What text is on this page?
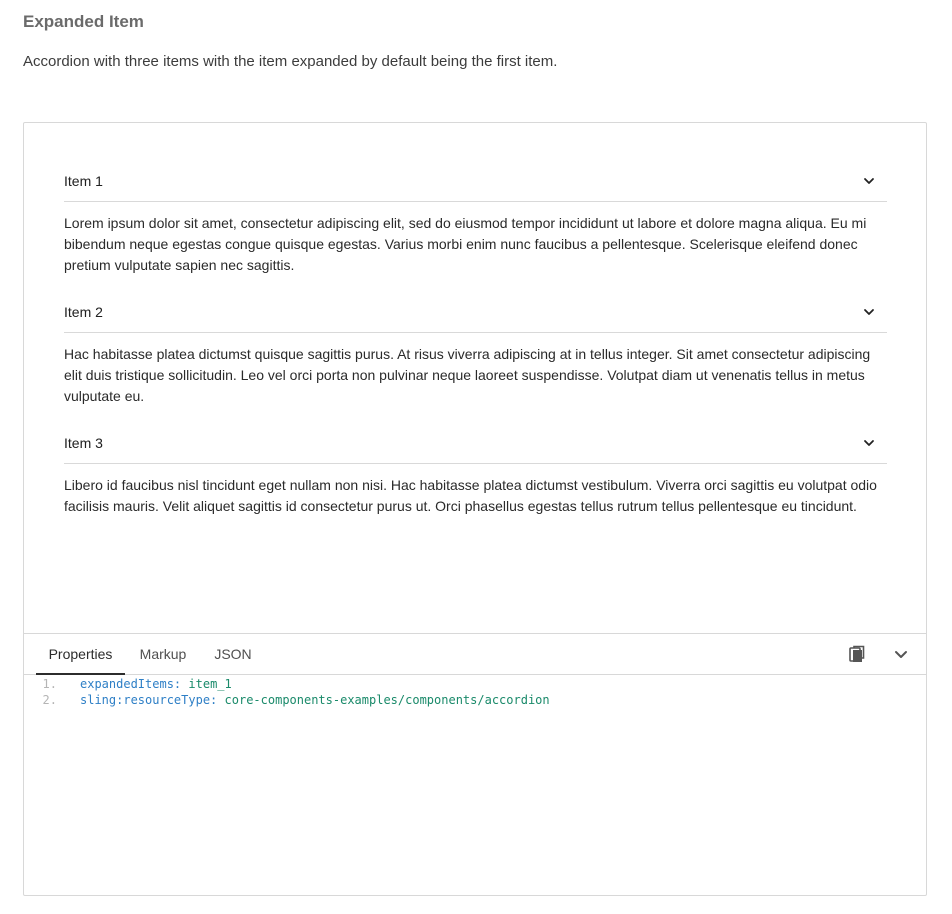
Expanded Item

Accordion with three items with the item expanded by default being the first item.

Item 1
Lorem ipsum dolor sit amet, consectetur adipiscing elit, sed do eiusmod tempor incididunt ut labore et dolore magna aliqua. Eu mi bibendum neque egestas congue quisque egestas. Varius morbi enim nunc faucibus a pellentesque. Scelerisque eleifend donec pretium vulputate sapien nec sagittis.
Item 2
Hac habitasse platea dictumst quisque sagittis purus. At risus viverra adipiscing at in tellus integer. Sit amet consectetur adipiscing elit duis tristique sollicitudin. Leo vel orci porta non pulvinar neque laoreet suspendisse. Volutpat diam ut venenatis tellus in metus vulputate eu.
Item 3
Libero id faucibus nisl tincidunt eget nullam non nisi. Hac habitasse platea dictumst vestibulum. Viverra orci sagittis eu volutpat odio facilisis mauris. Velit aliquet sagittis id consectetur purus ut. Orci phasellus egestas tellus rutrum tellus pellentesque eu tincidunt.
Properties	Markup	JSON
1.	expandedItems :
item_1
2.	sling:resourceType :
core-components-examples/components/accordion
